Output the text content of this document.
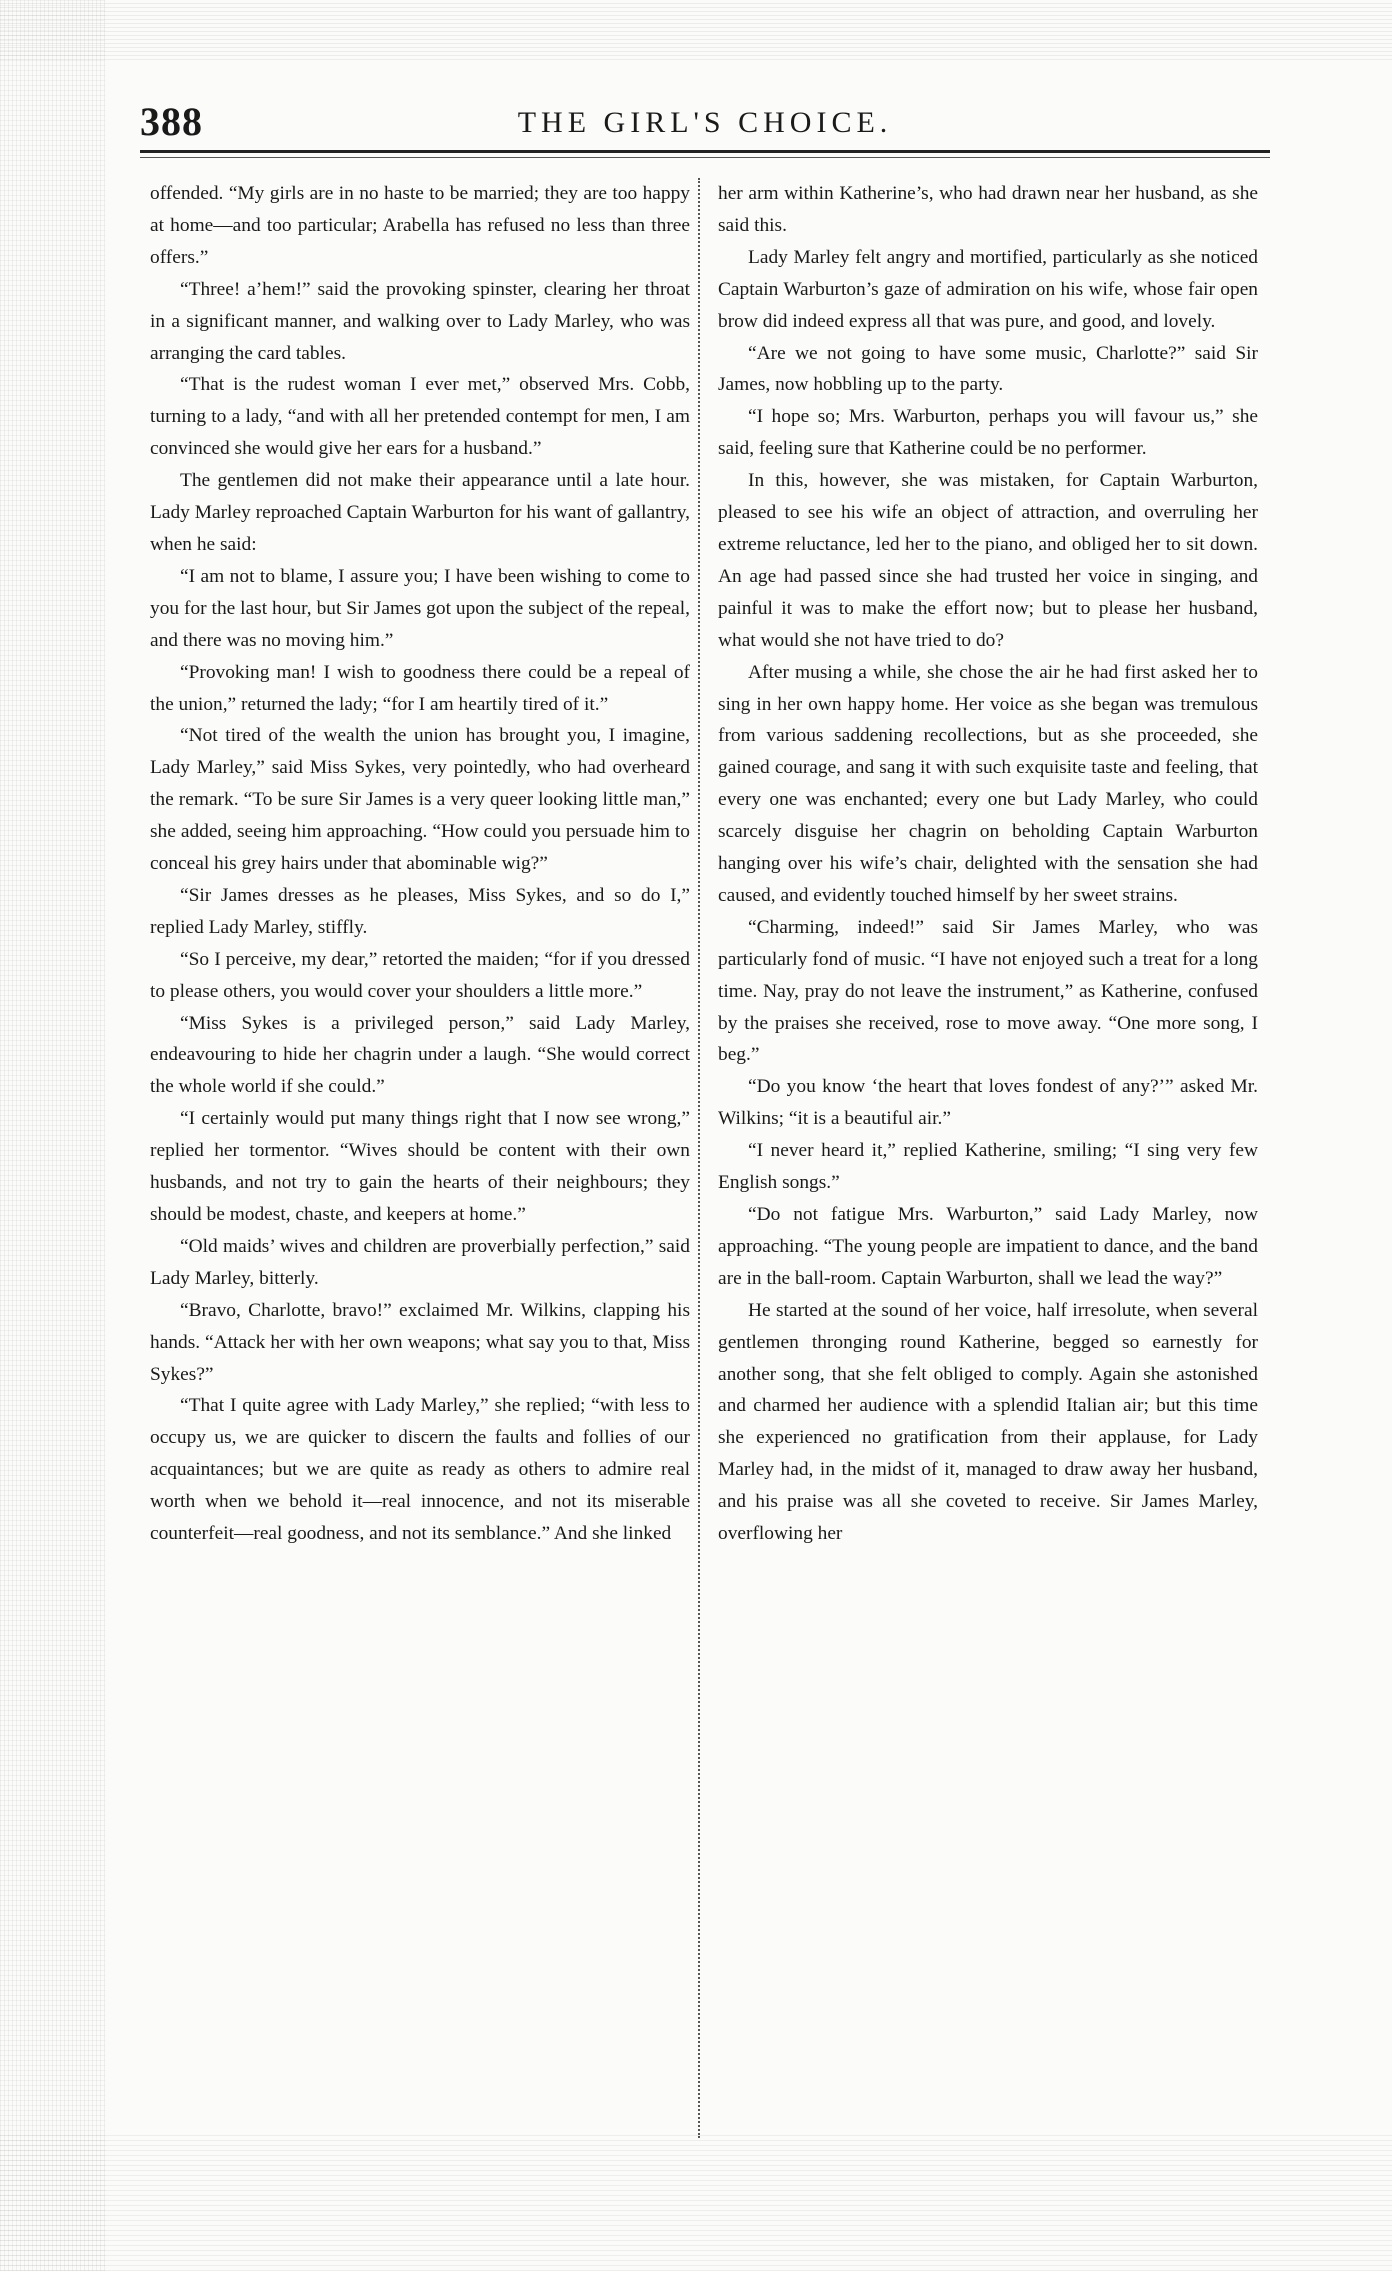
388	THE GIRL'S CHOICE.

offended. “My girls are in no haste to be married; they are too happy at home—and too particular; Arabella has refused no less than three offers.”

“Three! a’hem!” said the provoking spinster, clearing her throat in a significant manner, and walking over to Lady Marley, who was arranging the card tables.

“That is the rudest woman I ever met,” observed Mrs. Cobb, turning to a lady, “and with all her pretended contempt for men, I am convinced she would give her ears for a husband.”

The gentlemen did not make their appearance until a late hour. Lady Marley reproached Captain Warburton for his want of gallantry, when he said:

“I am not to blame, I assure you; I have been wishing to come to you for the last hour, but Sir James got upon the subject of the repeal, and there was no moving him.”

“Provoking man! I wish to goodness there could be a repeal of the union,” returned the lady; “for I am heartily tired of it.”

“Not tired of the wealth the union has brought you, I imagine, Lady Marley,” said Miss Sykes, very pointedly, who had overheard the remark. “To be sure Sir James is a very queer looking little man,” she added, seeing him approaching. “How could you persuade him to conceal his grey hairs under that abominable wig?”

“Sir James dresses as he pleases, Miss Sykes, and so do I,” replied Lady Marley, stiffly.

“So I perceive, my dear,” retorted the maiden; “for if you dressed to please others, you would cover your shoulders a little more.”

“Miss Sykes is a privileged person,” said Lady Marley, endeavouring to hide her chagrin under a laugh. “She would correct the whole world if she could.”

“I certainly would put many things right that I now see wrong,” replied her tormentor. “Wives should be content with their own husbands, and not try to gain the hearts of their neighbours; they should be modest, chaste, and keepers at home.”

“Old maids’ wives and children are proverbially perfection,” said Lady Marley, bitterly.

“Bravo, Charlotte, bravo!” exclaimed Mr. Wilkins, clapping his hands. “Attack her with her own weapons; what say you to that, Miss Sykes?”

“That I quite agree with Lady Marley,” she replied; “with less to occupy us, we are quicker to discern the faults and follies of our acquaintances; but we are quite as ready as others to admire real worth when we behold it—real innocence, and not its miserable counterfeit—real goodness, and not its semblance.” And she linked

her arm within Katherine’s, who had drawn near her husband, as she said this.

Lady Marley felt angry and mortified, particularly as she noticed Captain Warburton’s gaze of admiration on his wife, whose fair open brow did indeed express all that was pure, and good, and lovely.

“Are we not going to have some music, Charlotte?” said Sir James, now hobbling up to the party.

“I hope so; Mrs. Warburton, perhaps you will favour us,” she said, feeling sure that Katherine could be no performer.

In this, however, she was mistaken, for Captain Warburton, pleased to see his wife an object of attraction, and overruling her extreme reluctance, led her to the piano, and obliged her to sit down. An age had passed since she had trusted her voice in singing, and painful it was to make the effort now; but to please her husband, what would she not have tried to do?

After musing a while, she chose the air he had first asked her to sing in her own happy home. Her voice as she began was tremulous from various saddening recollections, but as she proceeded, she gained courage, and sang it with such exquisite taste and feeling, that every one was enchanted; every one but Lady Marley, who could scarcely disguise her chagrin on beholding Captain Warburton hanging over his wife’s chair, delighted with the sensation she had caused, and evidently touched himself by her sweet strains.

“Charming, indeed!” said Sir James Marley, who was particularly fond of music. “I have not enjoyed such a treat for a long time. Nay, pray do not leave the instrument,” as Katherine, confused by the praises she received, rose to move away. “One more song, I beg.”

“Do you know ‘the heart that loves fondest of any?’” asked Mr. Wilkins; “it is a beautiful air.”

“I never heard it,” replied Katherine, smiling; “I sing very few English songs.”

“Do not fatigue Mrs. Warburton,” said Lady Marley, now approaching. “The young people are impatient to dance, and the band are in the ball-room. Captain Warburton, shall we lead the way?”

He started at the sound of her voice, half irresolute, when several gentlemen thronging round Katherine, begged so earnestly for another song, that she felt obliged to comply. Again she astonished and charmed her audience with a splendid Italian air; but this time she experienced no gratification from their applause, for Lady Marley had, in the midst of it, managed to draw away her husband, and his praise was all she coveted to receive. Sir James Marley, overflowing her
